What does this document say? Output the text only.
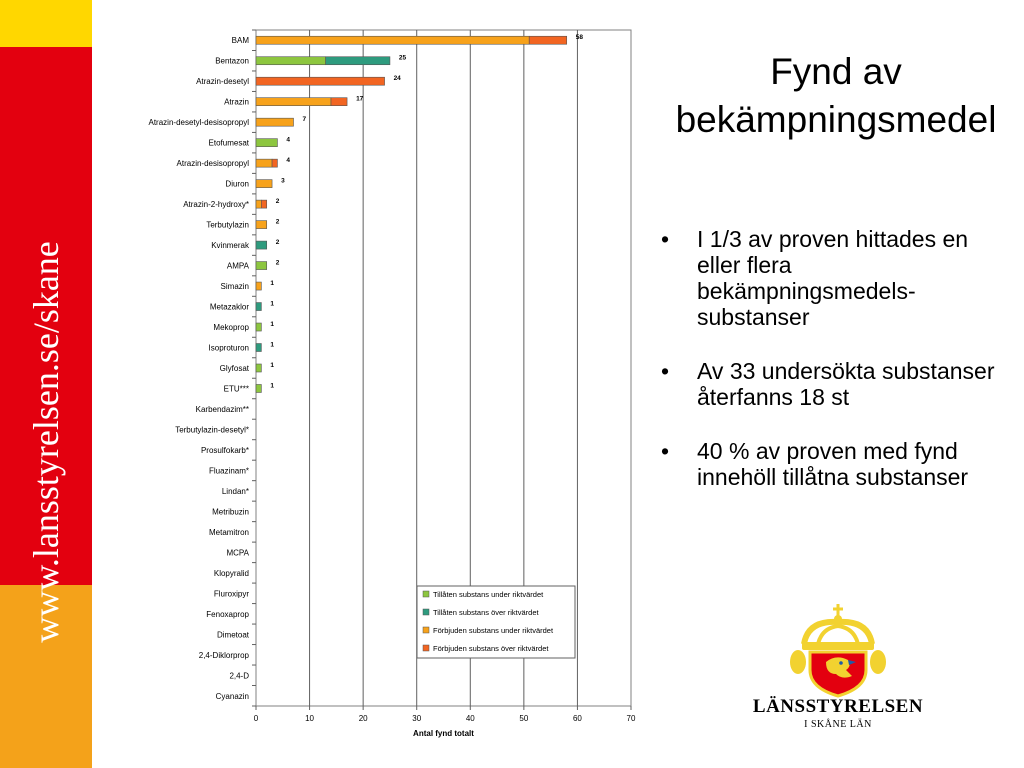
www.lansstyrelsen.se/skane
0	10	20	30	40	50	60	70
Antal fynd totalt
BAM	58
Bentazon	25
Atrazin-desetyl	24
Atrazin	17
Atrazin-desetyl-desisopropyl	7
Etofumesat	4
Atrazin-desisopropyl	4
Diuron	3
Atrazin-2-hydroxy*	2
Terbutylazin	2
Kvinmerak	2
AMPA	2
Simazin	1
Metazaklor	1
Mekoprop	1
Isoproturon	1
Glyfosat	1
ETU***	1
Karbendazim**
Terbutylazin-desetyl*
Prosulfokarb*
Fluazinam*
Lindan*
Metribuzin
Metamitron
MCPA
Klopyralid
Fluroxipyr
Fenoxaprop
Dimetoat
2,4-Diklorprop
2,4-D
Cyanazin
Tillåten substans under riktvärdet
Tillåten substans över riktvärdet
Förbjuden substans under riktvärdet
Förbjuden substans över riktvärdet
Fynd av
bekämpningsmedel
• I 1/3 av proven hittades en eller flera bekämpningsmedels-substanser
• Av 33 undersökta substanser återfanns 18 st
• 40 % av proven med fynd innehöll tillåtna substanser
LÄNSSTYRELSEN
I SKÅNE LÄN
